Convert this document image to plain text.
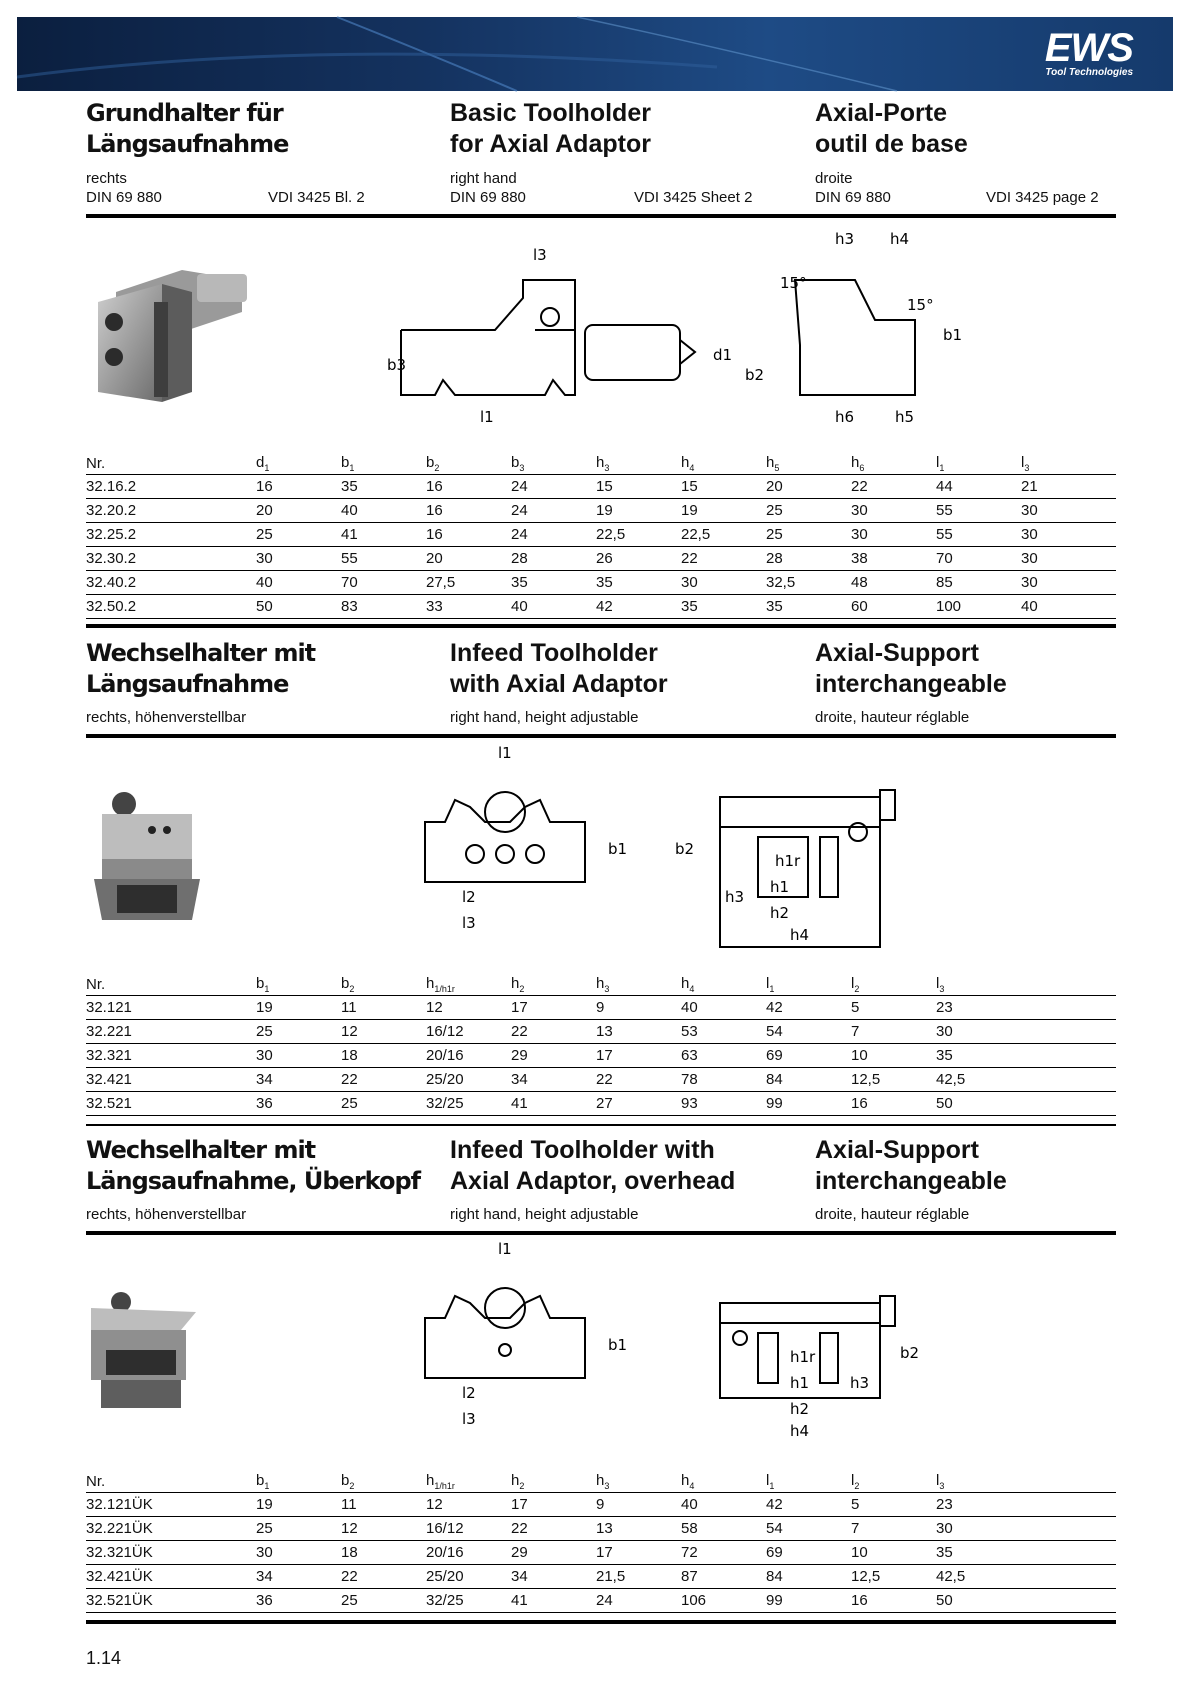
EWS
Tool Technologies
Grundhalter für
Längsaufnahme
Basic Toolholder
for Axial Adaptor
Axial-Porte
outil de base
rechts	right hand	droite
DIN 69 880	VDI 3425 Bl. 2	DIN 69 880	VDI 3425 Sheet 2	DIN 69 880	VDI 3425 page 2
l3
15°
h3 h4
15°
b1
d1
b2
b3
l1	h6	h5
Nr.	$d_1$	$b_1$	$b_2$	$b_3$	$h_3$	$h_4$	$h_5$	$h_6$	$l_1$	$l_3$
32.16.2	16	35	16	24	15	15	20	22	44	21
32.20.2	20	40	16	24	19	19	25	30	55	30
32.25.2	25	41	16	24	22,5	22,5	25	30	55	30
32.30.2	30	55	20	28	26	22	28	38	70	30
32.40.2	40	70	27,5	35	35	30	32,5	48	85	30
32.50.2	50	83	33	40	42	35	35	60	100	40
Wechselhalter mit
Längsaufnahme
Infeed Toolholder
with Axial Adaptor
Axial-Support
interchangeable
rechts, höhenverstellbar	right hand, height adjustable	droite, hauteur réglable
l1
b1
l2
l3
b2
h1r
h1
h3
h2
h4
Nr.	$b_1$	$b_2$	$h_{1/h1r}$	$h_2$	$h_3$	$h_4$	$l_1$	$l_2$	$l_3$
32.121	19	11	12	17	9	40	42	5	23
32.221	25	12	16/12	22	13	53	54	7	30
32.321	30	18	20/16	29	17	63	69	10	35
32.421	34	22	25/20	34	22	78	84	12,5	42,5
32.521	36	25	32/25	41	27	93	99	16	50
Wechselhalter mit
Längsaufnahme, Überkopf
Infeed Toolholder with
Axial Adaptor, overhead
Axial-Support
interchangeable
rechts, höhenverstellbar	right hand, height adjustable	droite, hauteur réglable
l1
b1
l2
l3
h1r
h1
b2
h3
h2
h4
Nr.	$b_1$	$b_2$	$h_{1/h1r}$	$h_2$	$h_3$	$h_4$	$l_1$	$l_2$	$l_3$
32.121ÜK	19	11	12	17	9	40	42	5	23
32.221ÜK	25	12	16/12	22	13	58	54	7	30
32.321ÜK	30	18	20/16	29	17	72	69	10	35
32.421ÜK	34	22	25/20	34	21,5	87	84	12,5	42,5
32.521ÜK	36	25	32/25	41	24	106	99	16	50
1.14
